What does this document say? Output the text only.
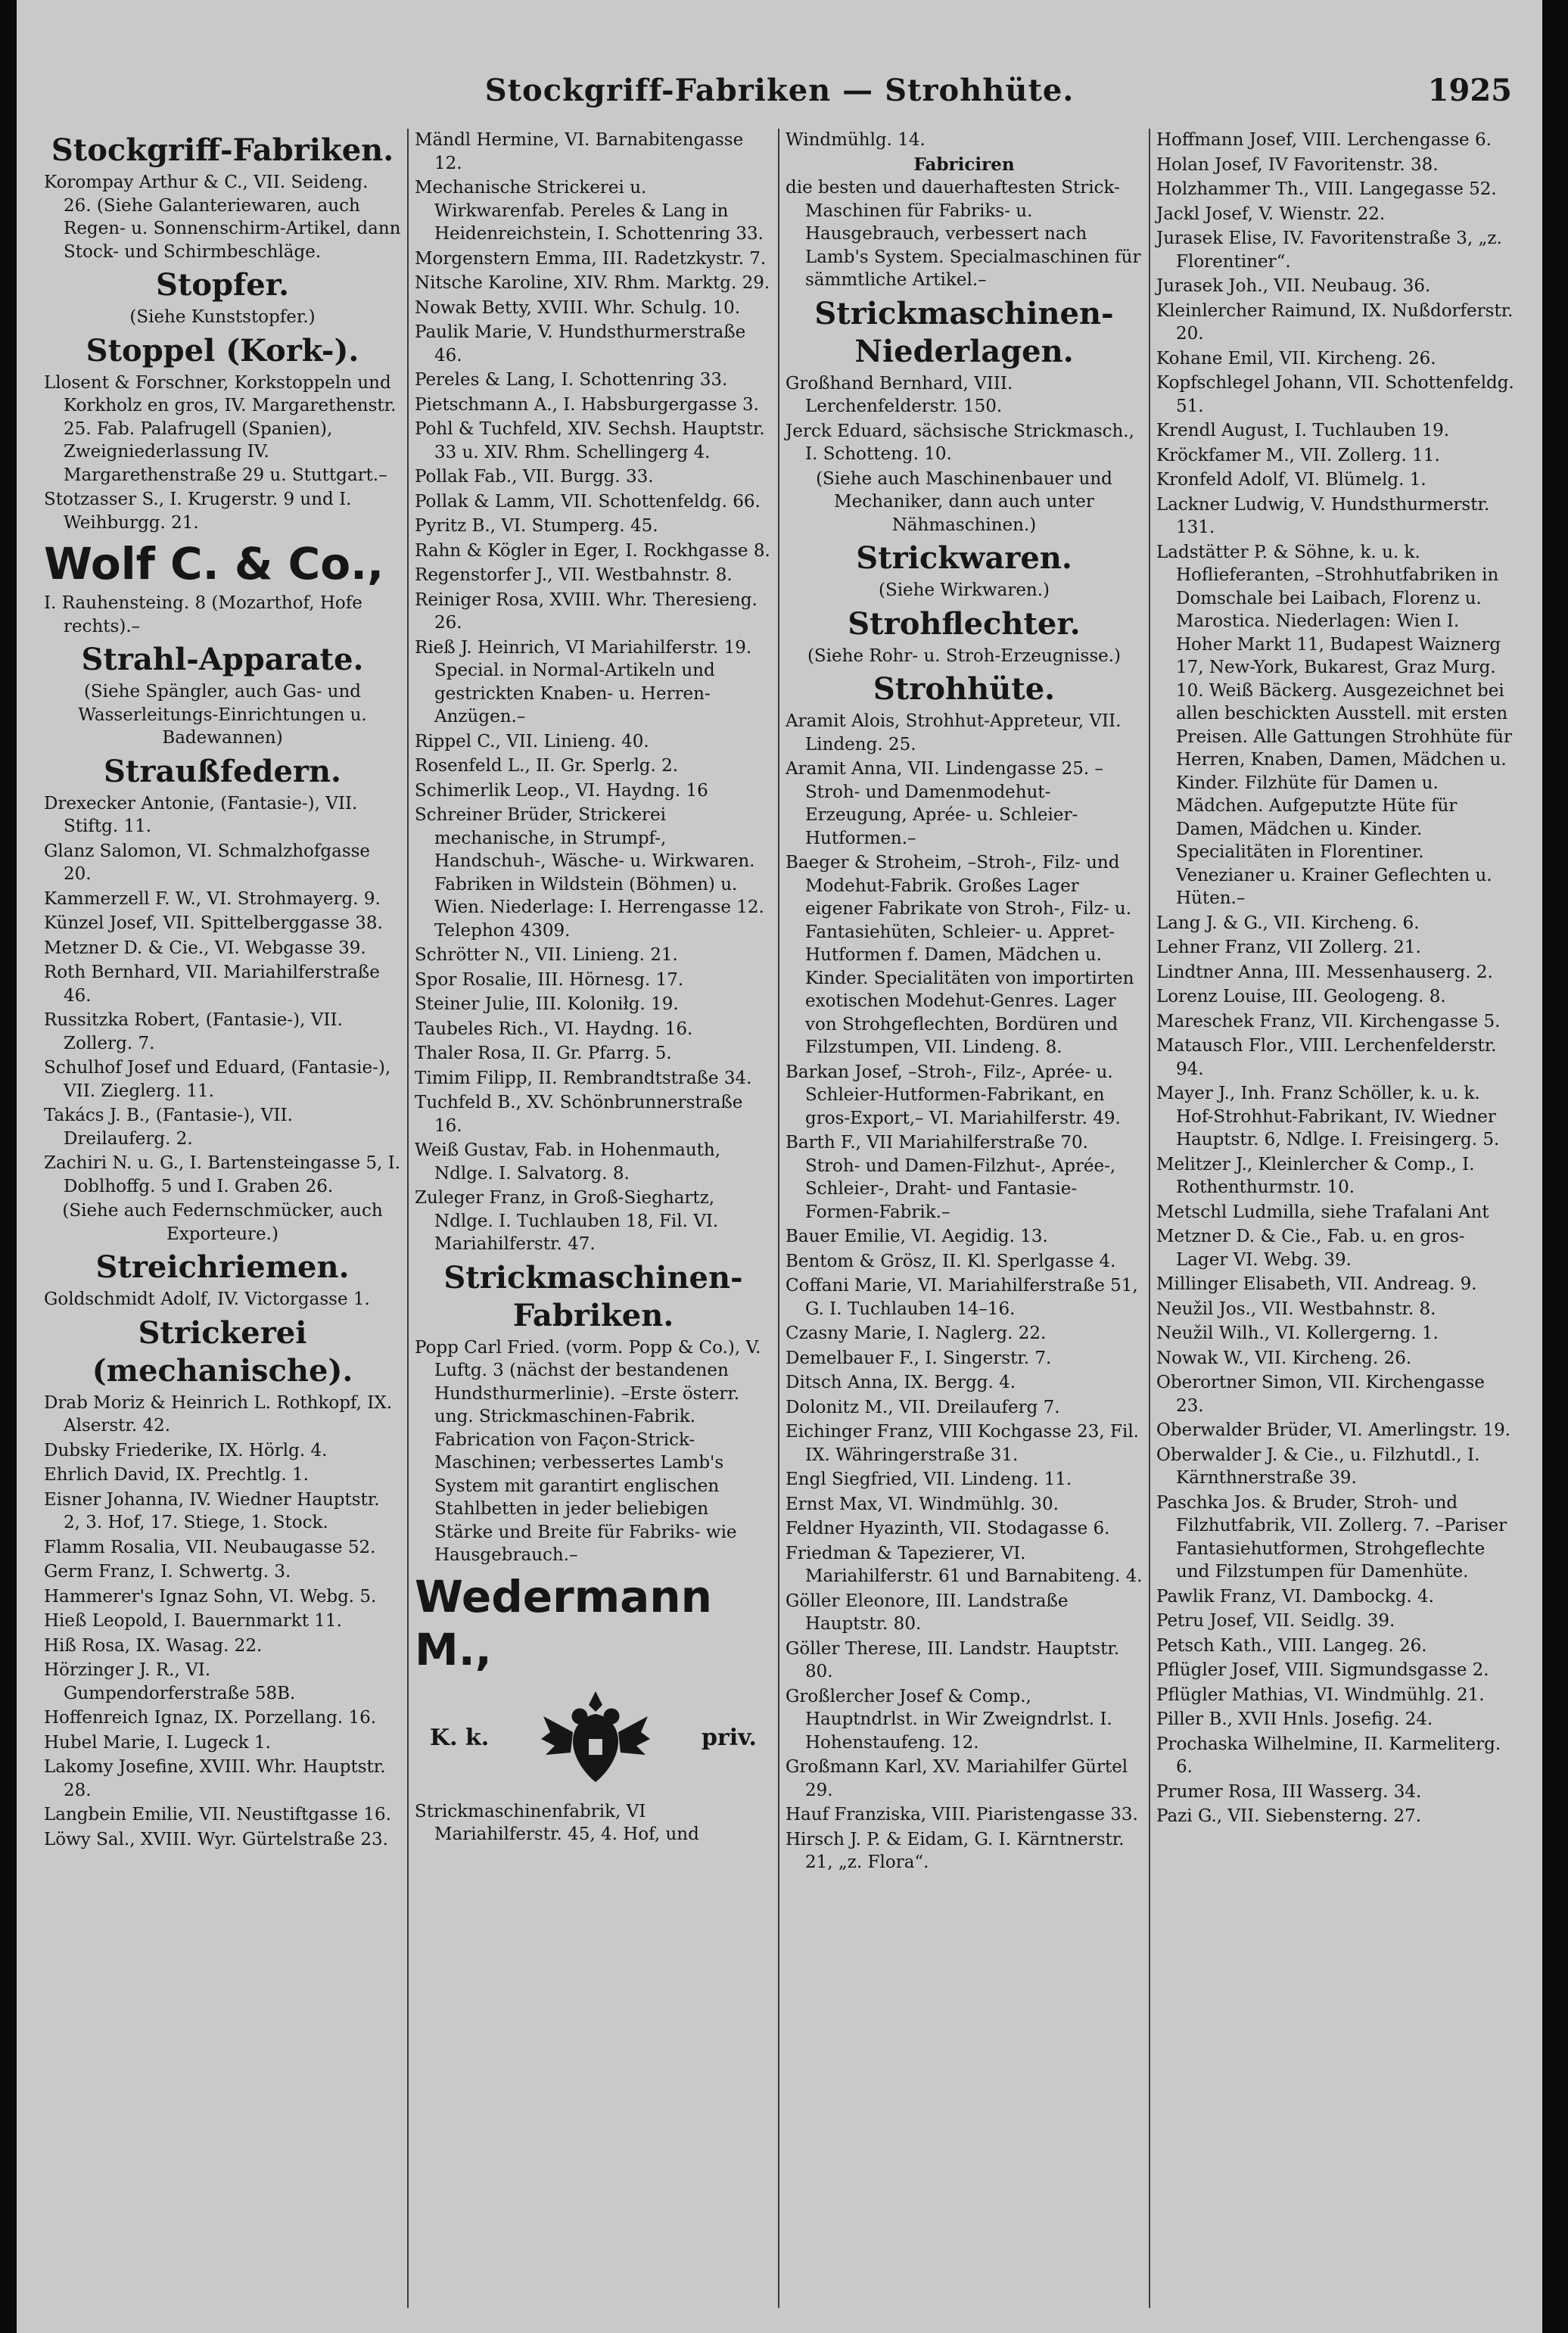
Stockgriff-Fabriken — Strohhüte.	1925
Stockgriff-Fabriken.
Korompay Arthur & C., VII. Seideng. 26. (Siehe Galanteriewaren, auch Regen- u. Sonnenschirm-Artikel, dann Stock- und Schirmbeschläge.
Stopfer.
(Siehe Kunststopfer.)
Stoppel (Kork-).
Llosent & Forschner, Korkstoppeln und Korkholz en gros, IV. Margarethenstr. 25. Fab. Palafrugell (Spanien), Zweigniederlassung IV. Margarethenstraße 29 u. Stuttgart.–
Stotzasser S., I. Krugerstr. 9 und I. Weihburgg. 21.
Wolf C. & Co.,
I. Rauhensteing. 8 (Mozarthof, Hofe rechts).–
Strahl-Apparate.
(Siehe Spängler, auch Gas- und Wasserleitungs-Einrichtungen u. Badewannen)
Straußfedern.
Drexecker Antonie, (Fantasie-), VII. Stiftg. 11.
Glanz Salomon, VI. Schmalzhofgasse 20.
Kammerzell F. W., VI. Strohmayerg. 9.
Künzel Josef, VII. Spittelberggasse 38.
Metzner D. & Cie., VI. Webgasse 39.
Roth Bernhard, VII. Mariahilferstraße 46.
Russitzka Robert, (Fantasie-), VII. Zollerg. 7.
Schulhof Josef und Eduard, (Fantasie-), VII. Zieglerg. 11.
Takács J. B., (Fantasie-), VII. Dreilauferg. 2.
Zachiri N. u. G., I. Bartensteingasse 5, I. Doblhoffg. 5 und I. Graben 26.
(Siehe auch Federnschmücker, auch Exporteure.)
Streichriemen.
Goldschmidt Adolf, IV. Victorgasse 1.
Strickerei (mechanische).
Drab Moriz & Heinrich L. Rothkopf, IX. Alserstr. 42.
Dubsky Friederike, IX. Hörlg. 4.
Ehrlich David, IX. Prechtlg. 1.
Eisner Johanna, IV. Wiedner Hauptstr. 2, 3. Hof, 17. Stiege, 1. Stock.
Flamm Rosalia, VII. Neubaugasse 52.
Germ Franz, I. Schwertg. 3.
Hammerer's Ignaz Sohn, VI. Webg. 5.
Hieß Leopold, I. Bauernmarkt 11.
Hiß Rosa, IX. Wasag. 22.
Hörzinger J. R., VI. Gumpendorferstraße 58B.
Hoffenreich Ignaz, IX. Porzellang. 16.
Hubel Marie, I. Lugeck 1.
Lakomy Josefine, XVIII. Whr. Hauptstr. 28.
Langbein Emilie, VII. Neustiftgasse 16.
Löwy Sal., XVIII. Wyr. Gürtelstraße 23.
Mändl Hermine, VI. Barnabitengasse 12.
Mechanische Strickerei u. Wirkwarenfab. Pereles & Lang in Heidenreichstein, I. Schottenring 33.
Morgenstern Emma, III. Radetzkystr. 7.
Nitsche Karoline, XIV. Rhm. Marktg. 29.
Nowak Betty, XVIII. Whr. Schulg. 10.
Paulik Marie, V. Hundsthurmerstraße 46.
Pereles & Lang, I. Schottenring 33.
Pietschmann A., I. Habsburgergasse 3.
Pohl & Tuchfeld, XIV. Sechsh. Hauptstr. 33 u. XIV. Rhm. Schellingerg 4.
Pollak Fab., VII. Burgg. 33.
Pollak & Lamm, VII. Schottenfeldg. 66.
Pyritz B., VI. Stumperg. 45.
Rahn & Kögler in Eger, I. Rockhgasse 8.
Regenstorfer J., VII. Westbahnstr. 8.
Reiniger Rosa, XVIII. Whr. Theresieng. 26.
Rieß J. Heinrich, VI Mariahilferstr. 19. Special. in Normal-Artikeln und gestrickten Knaben- u. Herren-Anzügen.–
Rippel C., VII. Linieng. 40.
Rosenfeld L., II. Gr. Sperlg. 2.
Schimerlik Leop., VI. Haydng. 16
Schreiner Brüder, Strickerei mechanische, in Strumpf-, Handschuh-, Wäsche- u. Wirkwaren. Fabriken in Wildstein (Böhmen) u. Wien. Niederlage: I. Herrengasse 12. Telephon 4309.
Schrötter N., VII. Linieng. 21.
Spor Rosalie, III. Hörnesg. 17.
Steiner Julie, III. Koloniłg. 19.
Taubeles Rich., VI. Haydng. 16.
Thaler Rosa, II. Gr. Pfarrg. 5.
Timim Filipp, II. Rembrandtstraße 34.
Tuchfeld B., XV. Schönbrunnerstraße 16.
Weiß Gustav, Fab. in Hohenmauth, Ndlge. I. Salvatorg. 8.
Zuleger Franz, in Groß-Sieghartz, Ndlge. I. Tuchlauben 18, Fil. VI. Mariahilferstr. 47.
Strickmaschinen-Fabriken.
Popp Carl Fried. (vorm. Popp & Co.), V. Luftg. 3 (nächst der bestandenen Hundsthurmerlinie). –Erste österr. ung. Strickmaschinen-Fabrik. Fabrication von Façon-Strick-Maschinen; verbessertes Lamb's System mit garantirt englischen Stahlbetten in jeder beliebigen Stärke und Breite für Fabriks- wie Hausgebrauch.–
Wedermann M.,
K. k.	priv.
Strickmaschinenfabrik, VI Mariahilferstr. 45, 4. Hof, und
Windmühlg. 14.
Fabriciren
die besten und dauerhaftesten Strick-Maschinen für Fabriks- u. Hausgebrauch, verbessert nach Lamb's System. Specialmaschinen für sämmtliche Artikel.–
Strickmaschinen-Niederlagen.
Großhand Bernhard, VIII. Lerchenfelderstr. 150.
Jerck Eduard, sächsische Strickmasch., I. Schotteng. 10.
(Siehe auch Maschinenbauer und Mechaniker, dann auch unter Nähmaschinen.)
Strickwaren.
(Siehe Wirkwaren.)
Strohflechter.
(Siehe Rohr- u. Stroh-Erzeugnisse.)
Strohhüte.
Aramit Alois, Strohhut-Appreteur, VII. Lindeng. 25.
Aramit Anna, VII. Lindengasse 25. –Stroh- und Damenmodehut-Erzeugung, Aprée- u. Schleier-Hutformen.–
Baeger & Stroheim, –Stroh-, Filz- und Modehut-Fabrik. Großes Lager eigener Fabrikate von Stroh-, Filz- u. Fantasiehüten, Schleier- u. Appret-Hutformen f. Damen, Mädchen u. Kinder. Specialitäten von importirten exotischen Modehut-Genres. Lager von Strohgeflechten, Bordüren und Filzstumpen, VII. Lindeng. 8.
Barkan Josef, –Stroh-, Filz-, Aprée- u. Schleier-Hutformen-Fabrikant, en gros-Export,– VI. Mariahilferstr. 49.
Barth F., VII Mariahilferstraße 70. Stroh- und Damen-Filzhut-, Aprée-, Schleier-, Draht- und Fantasie-Formen-Fabrik.–
Bauer Emilie, VI. Aegidig. 13.
Bentom & Grösz, II. Kl. Sperlgasse 4.
Coffani Marie, VI. Mariahilferstraße 51, G. I. Tuchlauben 14–16.
Czasny Marie, I. Naglerg. 22.
Demelbauer F., I. Singerstr. 7.
Ditsch Anna, IX. Bergg. 4.
Dolonitz M., VII. Dreilauferg 7.
Eichinger Franz, VIII Kochgasse 23, Fil. IX. Währingerstraße 31.
Engl Siegfried, VII. Lindeng. 11.
Ernst Max, VI. Windmühlg. 30.
Feldner Hyazinth, VII. Stodagasse 6.
Friedman & Tapezierer, VI. Mariahilferstr. 61 und Barnabiteng. 4.
Göller Eleonore, III. Landstraße Hauptstr. 80.
Göller Therese, III. Landstr. Hauptstr. 80.
Großlercher Josef & Comp., Hauptndrlst. in Wir Zweigndrlst. I. Hohenstaufeng. 12.
Großmann Karl, XV. Mariahilfer Gürtel 29.
Hauf Franziska, VIII. Piaristengasse 33.
Hirsch J. P. & Eidam, G. I. Kärntnerstr. 21, „z. Flora“.
Hoffmann Josef, VIII. Lerchengasse 6.
Holan Josef, IV Favoritenstr. 38.
Holzhammer Th., VIII. Langegasse 52.
Jackl Josef, V. Wienstr. 22.
Jurasek Elise, IV. Favoritenstraße 3, „z. Florentiner“.
Jurasek Joh., VII. Neubaug. 36.
Kleinlercher Raimund, IX. Nußdorferstr. 20.
Kohane Emil, VII. Kircheng. 26.
Kopfschlegel Johann, VII. Schottenfeldg. 51.
Krendl August, I. Tuchlauben 19.
Kröckfamer M., VII. Zollerg. 11.
Kronfeld Adolf, VI. Blümelg. 1.
Lackner Ludwig, V. Hundsthurmerstr. 131.
Ladstätter P. & Söhne, k. u. k. Hoflieferanten, –Strohhutfabriken in Domschale bei Laibach, Florenz u. Marostica. Niederlagen: Wien I. Hoher Markt 11, Budapest Waiznerg 17, New-York, Bukarest, Graz Murg. 10. Weiß Bäckerg. Ausgezeichnet bei allen beschickten Ausstell. mit ersten Preisen. Alle Gattungen Strohhüte für Herren, Knaben, Damen, Mädchen u. Kinder. Filzhüte für Damen u. Mädchen. Aufgeputzte Hüte für Damen, Mädchen u. Kinder. Specialitäten in Florentiner. Venezianer u. Krainer Geflechten u. Hüten.–
Lang J. & G., VII. Kircheng. 6.
Lehner Franz, VII Zollerg. 21.
Lindtner Anna, III. Messenhauserg. 2.
Lorenz Louise, III. Geologeng. 8.
Mareschek Franz, VII. Kirchengasse 5.
Matausch Flor., VIII. Lerchenfelderstr. 94.
Mayer J., Inh. Franz Schöller, k. u. k. Hof-Strohhut-Fabrikant, IV. Wiedner Hauptstr. 6, Ndlge. I. Freisingerg. 5.
Melitzer J., Kleinlercher & Comp., I. Rothenthurmstr. 10.
Metschl Ludmilla, siehe Trafalani Ant
Metzner D. & Cie., Fab. u. en gros-Lager VI. Webg. 39.
Millinger Elisabeth, VII. Andreag. 9.
Neužil Jos., VII. Westbahnstr. 8.
Neužil Wilh., VI. Kollergerng. 1.
Nowak W., VII. Kircheng. 26.
Oberortner Simon, VII. Kirchengasse 23.
Oberwalder Brüder, VI. Amerlingstr. 19.
Oberwalder J. & Cie., u. Filzhutdl., I. Kärnthnerstraße 39.
Paschka Jos. & Bruder, Stroh- und Filzhutfabrik, VII. Zollerg. 7. –Pariser Fantasiehutformen, Strohgeflechte und Filzstumpen für Damenhüte.
Pawlik Franz, VI. Dambockg. 4.
Petru Josef, VII. Seidlg. 39.
Petsch Kath., VIII. Langeg. 26.
Pflügler Josef, VIII. Sigmundsgasse 2.
Pflügler Mathias, VI. Windmühlg. 21.
Piller B., XVII Hnls. Josefig. 24.
Prochaska Wilhelmine, II. Karmeliterg. 6.
Prumer Rosa, III Wasserg. 34.
Pazi G., VII. Siebensterng. 27.
